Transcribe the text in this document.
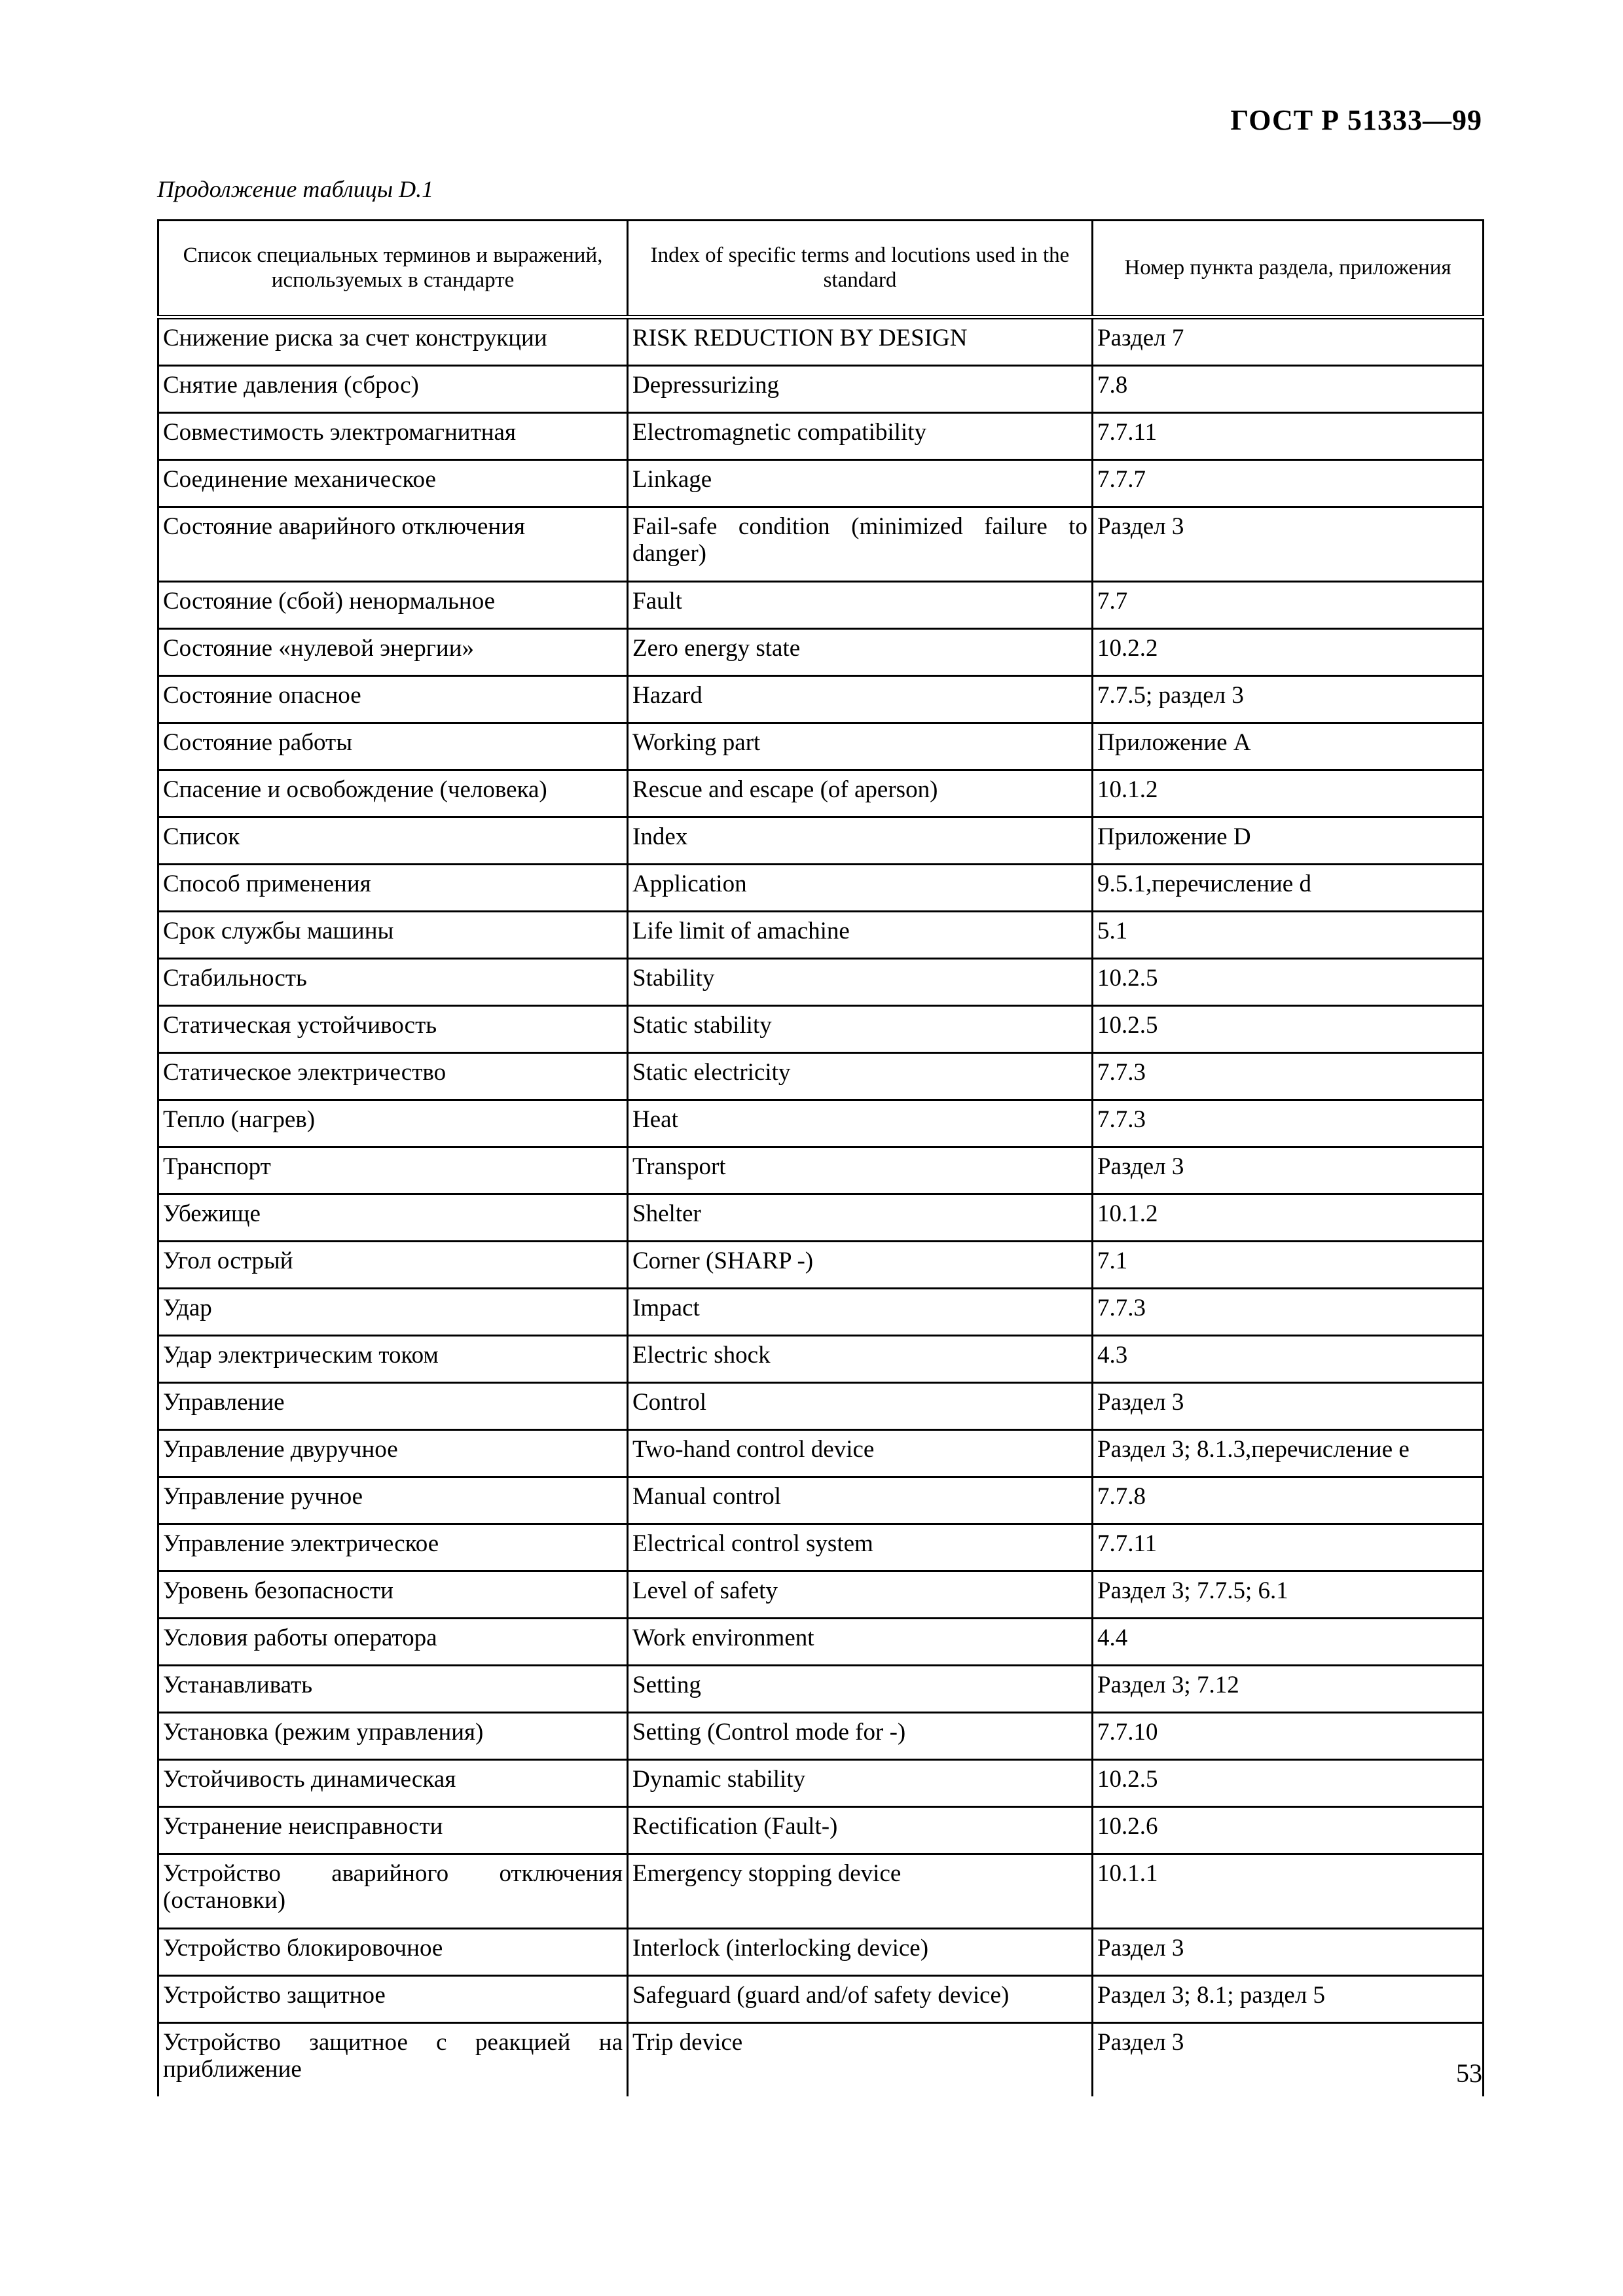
ГОСТ Р 51333—99
Продолжение таблицы D.1
Список специальных терминов и выражений, используемых в стандарте	Index of specific terms and locutions used in the standard	Номер пункта раздела, приложения
Снижение риска за счет конструкции	RISK REDUCTION BY DESIGN	Раздел 7
Снятие давления (сброс)	Depressurizing	7.8
Совместимость электромагнитная	Electromagnetic compatibility	7.7.11
Соединение механическое	Linkage	7.7.7
Состояние аварийного отключения	Fail-safe condition (minimized failure to danger)	Раздел 3
Состояние (сбой) ненормальное	Fault	7.7
Состояние «нулевой энергии»	Zero energy state	10.2.2
Состояние опасное	Hazard	7.7.5; раздел 3
Состояние работы	Working part	Приложение A
Спасение и освобождение (человека)	Rescue and escape (of aperson)	10.1.2
Список	Index	Приложение D
Способ применения	Application	9.5.1,перечисление d
Срок службы машины	Life limit of amachine	5.1
Стабильность	Stability	10.2.5
Статическая устойчивость	Static stability	10.2.5
Статическое электричество	Static electricity	7.7.3
Тепло (нагрев)	Heat	7.7.3
Транспорт	Transport	Раздел 3
Убежище	Shelter	10.1.2
Угол острый	Corner (SHARP -)	7.1
Удар	Impact	7.7.3
Удар электрическим током	Electric shock	4.3
Управление	Control	Раздел 3
Управление двуручное	Two-hand control device	Раздел 3; 8.1.3,перечисление е
Управление ручное	Manual control	7.7.8
Управление электрическое	Electrical control system	7.7.11
Уровень безопасности	Level of safety	Раздел 3; 7.7.5; 6.1
Условия работы оператора	Work environment	4.4
Устанавливать	Setting	Раздел 3; 7.12
Установка (режим управления)	Setting (Control mode for -)	7.7.10
Устойчивость динамическая	Dynamic stability	10.2.5
Устранение неисправности	Rectification (Fault-)	10.2.6
Устройство аварийного отключения (остановки)	Emergency stopping device	10.1.1
Устройство блокировочное	Interlock (interlocking device)	Раздел 3
Устройство защитное	Safeguard (guard and/of safety device)	Раздел 3; 8.1; раздел 5
Устройство защитное с реакцией на приближение	Trip device	Раздел 3
53
